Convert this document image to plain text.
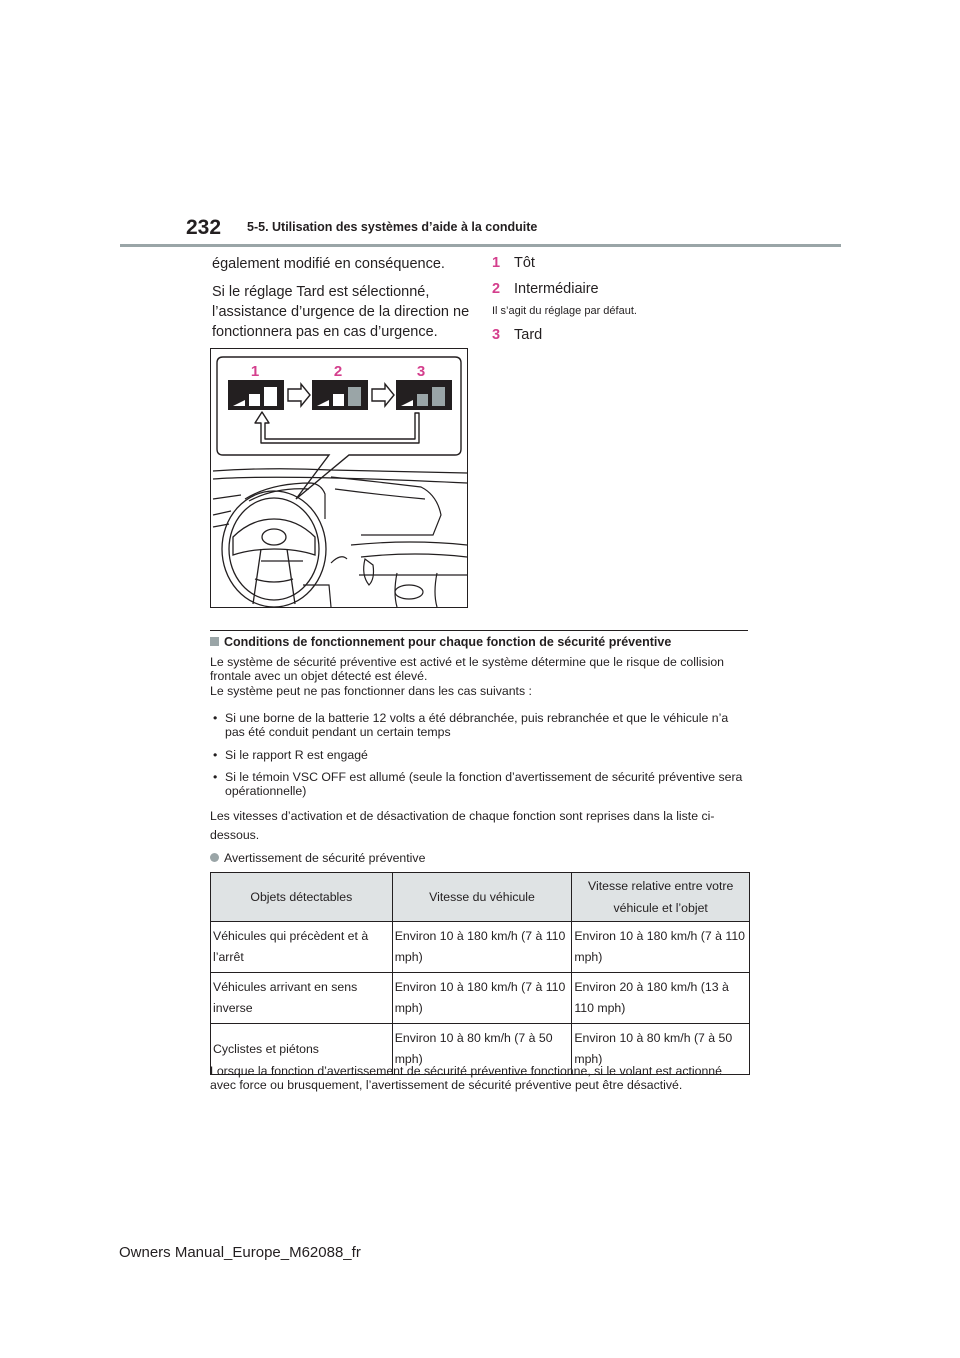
232 5-5. Utilisation des systèmes d’aide à la conduite

également modifié en conséquence.

Si le réglage Tard est sélectionné, l’assistance d’urgence de la direction ne fonctionnera pas en cas d’urgence.

1 Tôt
2 Intermédiaire
Il s’agit du réglage par défaut.
3 Tard
1	2	3
Conditions de fonctionnement pour chaque fonction de sécurité préventive
Le système de sécurité préventive est activé et le système détermine que le risque de collision frontale avec un objet détecté est élevé.
Le système peut ne pas fonctionner dans les cas suivants :
• Si une borne de la batterie 12 volts a été débranchée, puis rebranchée et que le véhicule n’a pas été conduit pendant un certain temps
• Si le rapport R est engagé
• Si le témoin VSC OFF est allumé (seule la fonction d’avertissement de sécurité préventive sera opérationnelle)
Les vitesses d’activation et de désactivation de chaque fonction sont reprises dans la liste ci-dessous.
Avertissement de sécurité préventive
Objets détectables	Vitesse du véhicule	Vitesse relative entre votre véhicule et l’objet
Véhicules qui précèdent et à l’arrêt	Environ 10 à 180 km/h (7 à 110 mph)	Environ 10 à 180 km/h (7 à 110 mph)
Véhicules arrivant en sens inverse	Environ 10 à 180 km/h (7 à 110 mph)	Environ 20 à 180 km/h (13 à 110 mph)
Cyclistes et piétons	Environ 10 à 80 km/h (7 à 50 mph)	Environ 10 à 80 km/h (7 à 50 mph)
Lorsque la fonction d’avertissement de sécurité préventive fonctionne, si le volant est actionné avec force ou brusquement, l’avertissement de sécurité préventive peut être désactivé.
Owners Manual_Europe_M62088_fr
